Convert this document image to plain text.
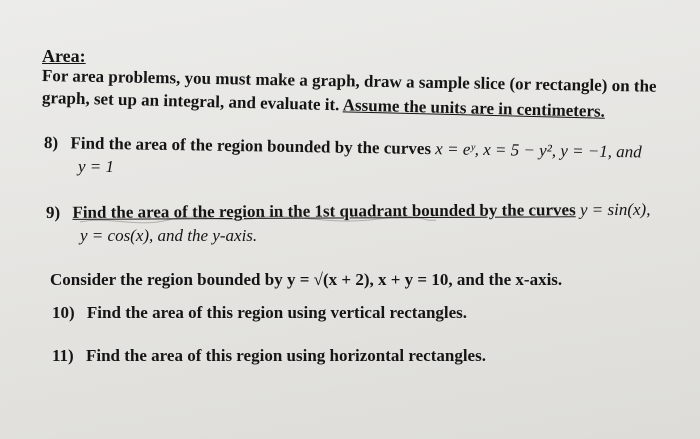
Area:
For area problems, you must make a graph, draw a sample slice (or rectangle) on the
graph, set up an integral, and evaluate it. Assume the units are in centimeters.
8) Find the area of the region bounded by the curves x = eʸ, x = 5 − y², y = −1, and
y = 1
9) Find the area of the region in the 1st quadrant bounded by the curves y = sin(x),
y = cos(x), and the y-axis.
Consider the region bounded by y = √(x + 2), x + y = 10, and the x-axis.
10) Find the area of this region using vertical rectangles.
11) Find the area of this region using horizontal rectangles.
